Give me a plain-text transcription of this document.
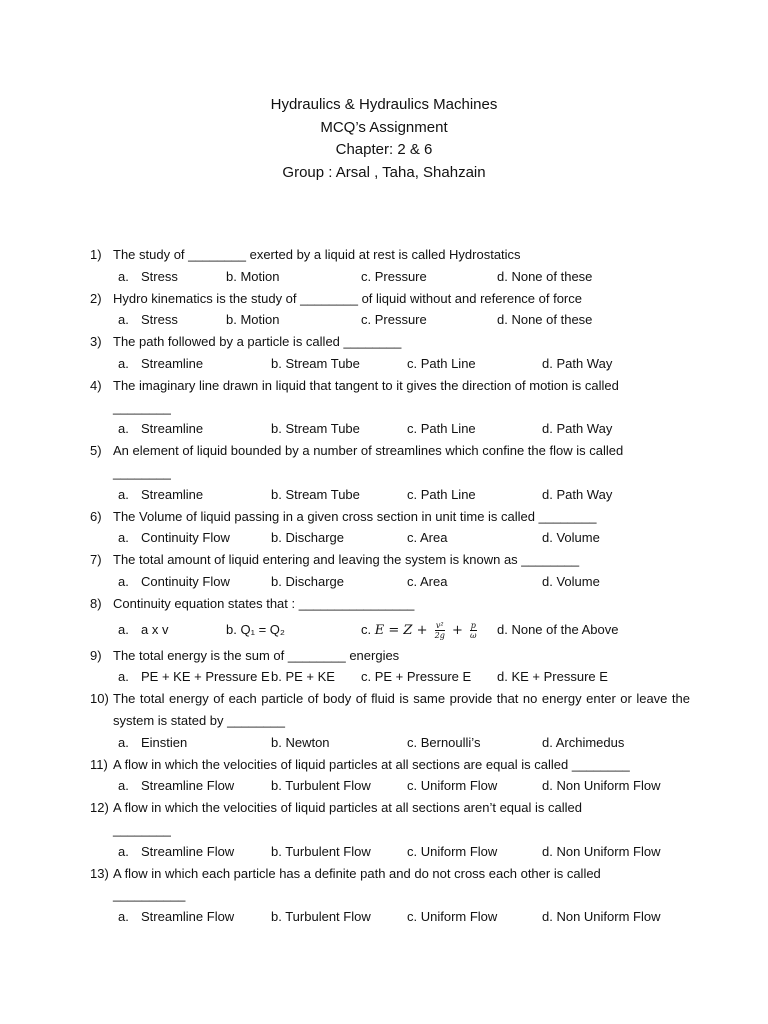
Hydraulics & Hydraulics Machines
MCQ’s Assignment
Chapter: 2 & 6
Group : Arsal , Taha, Shahzain
1) The study of ________ exerted by a liquid at rest is called Hydrostatics
a. Stress	b. Motion	c. Pressure	d. None of these
2) Hydro kinematics is the study of ________ of liquid without and reference of force
a. Stress	b. Motion	c. Pressure	d. None of these
3) The path followed by a particle is called ________
a. Streamline	b. Stream Tube	c. Path Line	d. Path Way
4) The imaginary line drawn in liquid that tangent to it gives the direction of motion is called
________
a. Streamline	b. Stream Tube	c. Path Line	d. Path Way
5) An element of liquid bounded by a number of streamlines which confine the flow is called
________
a. Streamline	b. Stream Tube	c. Path Line	d. Path Way
6) The Volume of liquid passing in a given cross section in unit time is called ________
a. Continuity Flow	b. Discharge	c. Area	d. Volume
7) The total amount of liquid entering and leaving the system is known as ________
a. Continuity Flow	b. Discharge	c. Area	d. Volume
8) Continuity equation states that : ________________
a. a x v	b. Q₁ = Q₂	c. $E = Z + \frac{\text{v²}}{2g} + \frac{p}{\omega} d$. None of the Above
9) The total energy is the sum of ________ energies
a. PE + KE + Pressure E b. PE + KE c. PE + Pressure E d. KE + Pressure E
10) The total energy of each particle of body of fluid is same provide that no energy enter or leave the system is stated by ________
a. Einstien	b. Newton	c. Bernoulli’s	d. Archimedus
11) A flow in which the velocities of liquid particles at all sections are equal is called ________
a. Streamline Flow	b. Turbulent Flow	c. Uniform Flow	d. Non Uniform Flow
12) A flow in which the velocities of liquid particles at all sections aren’t equal is called
________
a. Streamline Flow	b. Turbulent Flow	c. Uniform Flow	d. Non Uniform Flow
13) A flow in which each particle has a definite path and do not cross each other is called
__________
a. Streamline Flow	b. Turbulent Flow	c. Uniform Flow	d. Non Uniform Flow
